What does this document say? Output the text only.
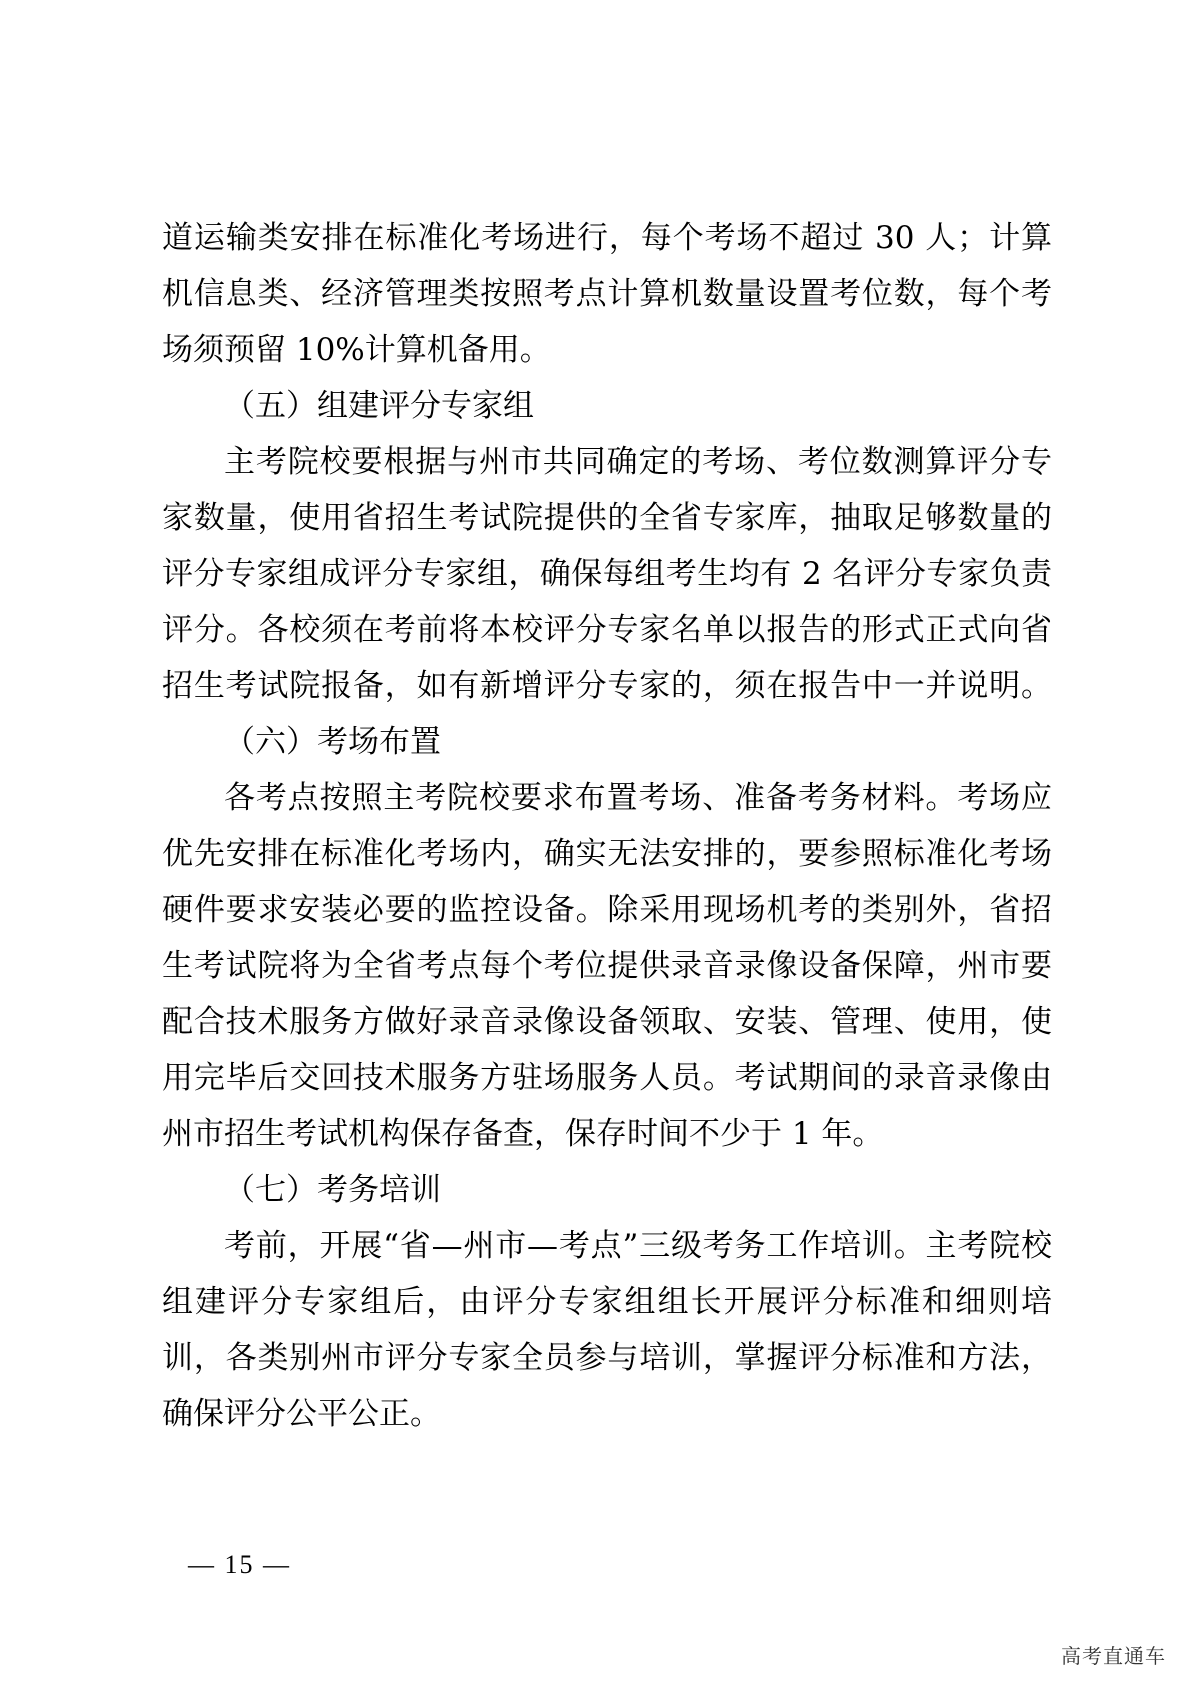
道运输类安排在标准化考场进行，每个考场不超过 30 人；计算
机信息类、经济管理类按照考点计算机数量设置考位数，每个考
场须预留 10%计算机备用。
（五）组建评分专家组
主考院校要根据与州市共同确定的考场、考位数测算评分专
家数量，使用省招生考试院提供的全省专家库，抽取足够数量的
评分专家组成评分专家组，确保每组考生均有 2 名评分专家负责
评分。各校须在考前将本校评分专家名单以报告的形式正式向省
招生考试院报备，如有新增评分专家的，须在报告中一并说明。
（六）考场布置
各考点按照主考院校要求布置考场、准备考务材料。考场应
优先安排在标准化考场内，确实无法安排的，要参照标准化考场
硬件要求安装必要的监控设备。除采用现场机考的类别外，省招
生考试院将为全省考点每个考位提供录音录像设备保障，州市要
配合技术服务方做好录音录像设备领取、安装、管理、使用，使
用完毕后交回技术服务方驻场服务人员。考试期间的录音录像由
州市招生考试机构保存备查，保存时间不少于 1 年。
（七）考务培训
考前，开展“省—州市—考点”三级考务工作培训。主考院校
组建评分专家组后，由评分专家组组长开展评分标准和细则培
训，各类别州市评分专家全员参与培训，掌握评分标准和方法，
确保评分公平公正。
— 15 —
高考直通车
